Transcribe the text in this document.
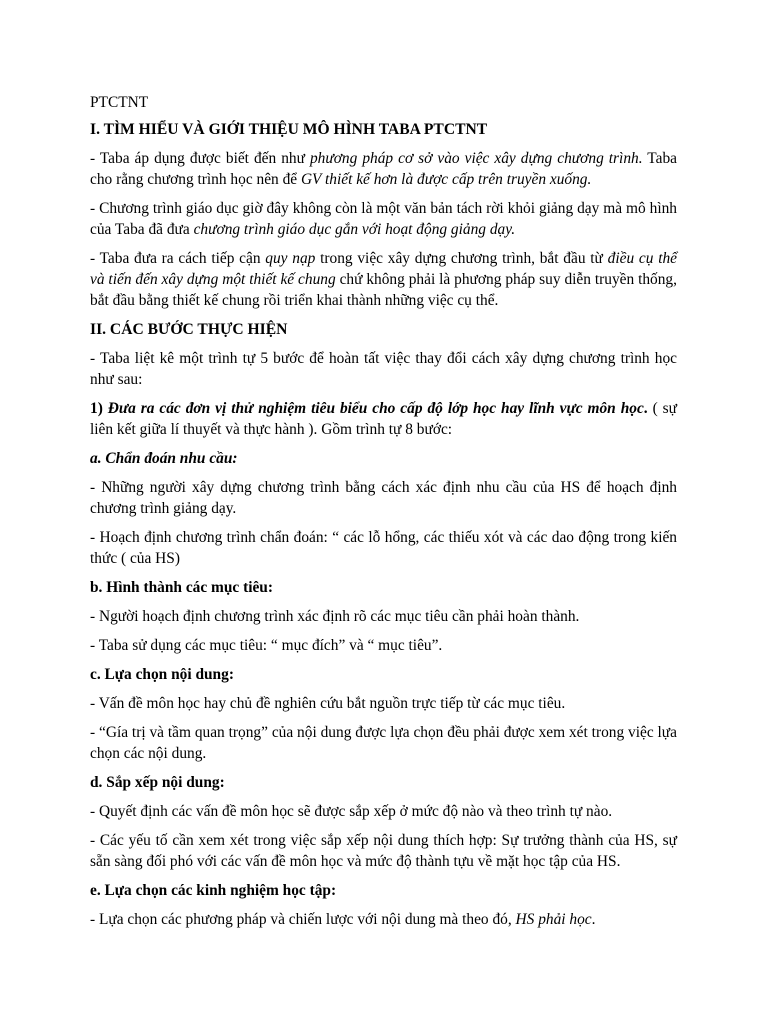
PTCTNT
I. TÌM HIỂU VÀ GIỚI THIỆU MÔ HÌNH TABA PTCTNT

- Taba áp dụng được biết đến như phương pháp cơ sở vào việc xây dựng chương trình. Taba cho rằng chương trình học nên để GV thiết kế hơn là được cấp trên truyền xuống.

- Chương trình giáo dục giờ đây không còn là một văn bản tách rời khỏi giảng dạy mà mô hình của Taba đã đưa chương trình giáo dục gắn với hoạt động giảng dạy.

- Taba đưa ra cách tiếp cận quy nạp trong việc xây dựng chương trình, bắt đầu từ điều cụ thể và tiến đến xây dựng một thiết kế chung chứ không phải là phương pháp suy diễn truyền thống, bắt đầu bằng thiết kế chung rồi triển khai thành những việc cụ thể.

II. CÁC BƯỚC THỰC HIỆN

- Taba liệt kê một trình tự 5 bước để hoàn tất việc thay đổi cách xây dựng chương trình học như sau:

1) Đưa ra các đơn vị thử nghiệm tiêu biểu cho cấp độ lớp học hay lĩnh vực môn học. ( sự liên kết giữa lí thuyết và thực hành ). Gồm trình tự 8 bước:

a. Chẩn đoán nhu cầu:

- Những người xây dựng chương trình bằng cách xác định nhu cầu của HS để hoạch định chương trình giảng dạy.

- Hoạch định chương trình chẩn đoán: “ các lỗ hổng, các thiếu xót và các dao động trong kiến thức ( của HS)

b. Hình thành các mục tiêu:

- Người hoạch định chương trình xác định rõ các mục tiêu cần phải hoàn thành.

- Taba sử dụng các mục tiêu: “ mục đích” và “ mục tiêu”.

c. Lựa chọn nội dung:

- Vấn đề môn học hay chủ đề nghiên cứu bắt nguồn trực tiếp từ các mục tiêu.

- “Gía trị và tầm quan trọng” của nội dung được lựa chọn đều phải được xem xét trong việc lựa chọn các nội dung.

d. Sắp xếp nội dung:

- Quyết định các vấn đề môn học sẽ được sắp xếp ở mức độ nào và theo trình tự nào.

- Các yếu tố cần xem xét trong việc sắp xếp nội dung thích hợp: Sự trưởng thành của HS, sự sẵn sàng đối phó với các vấn đề môn học và mức độ thành tựu về mặt học tập của HS.

e. Lựa chọn các kinh nghiệm học tập:

- Lựa chọn các phương pháp và chiến lược với nội dung mà theo đó, HS phải học.
